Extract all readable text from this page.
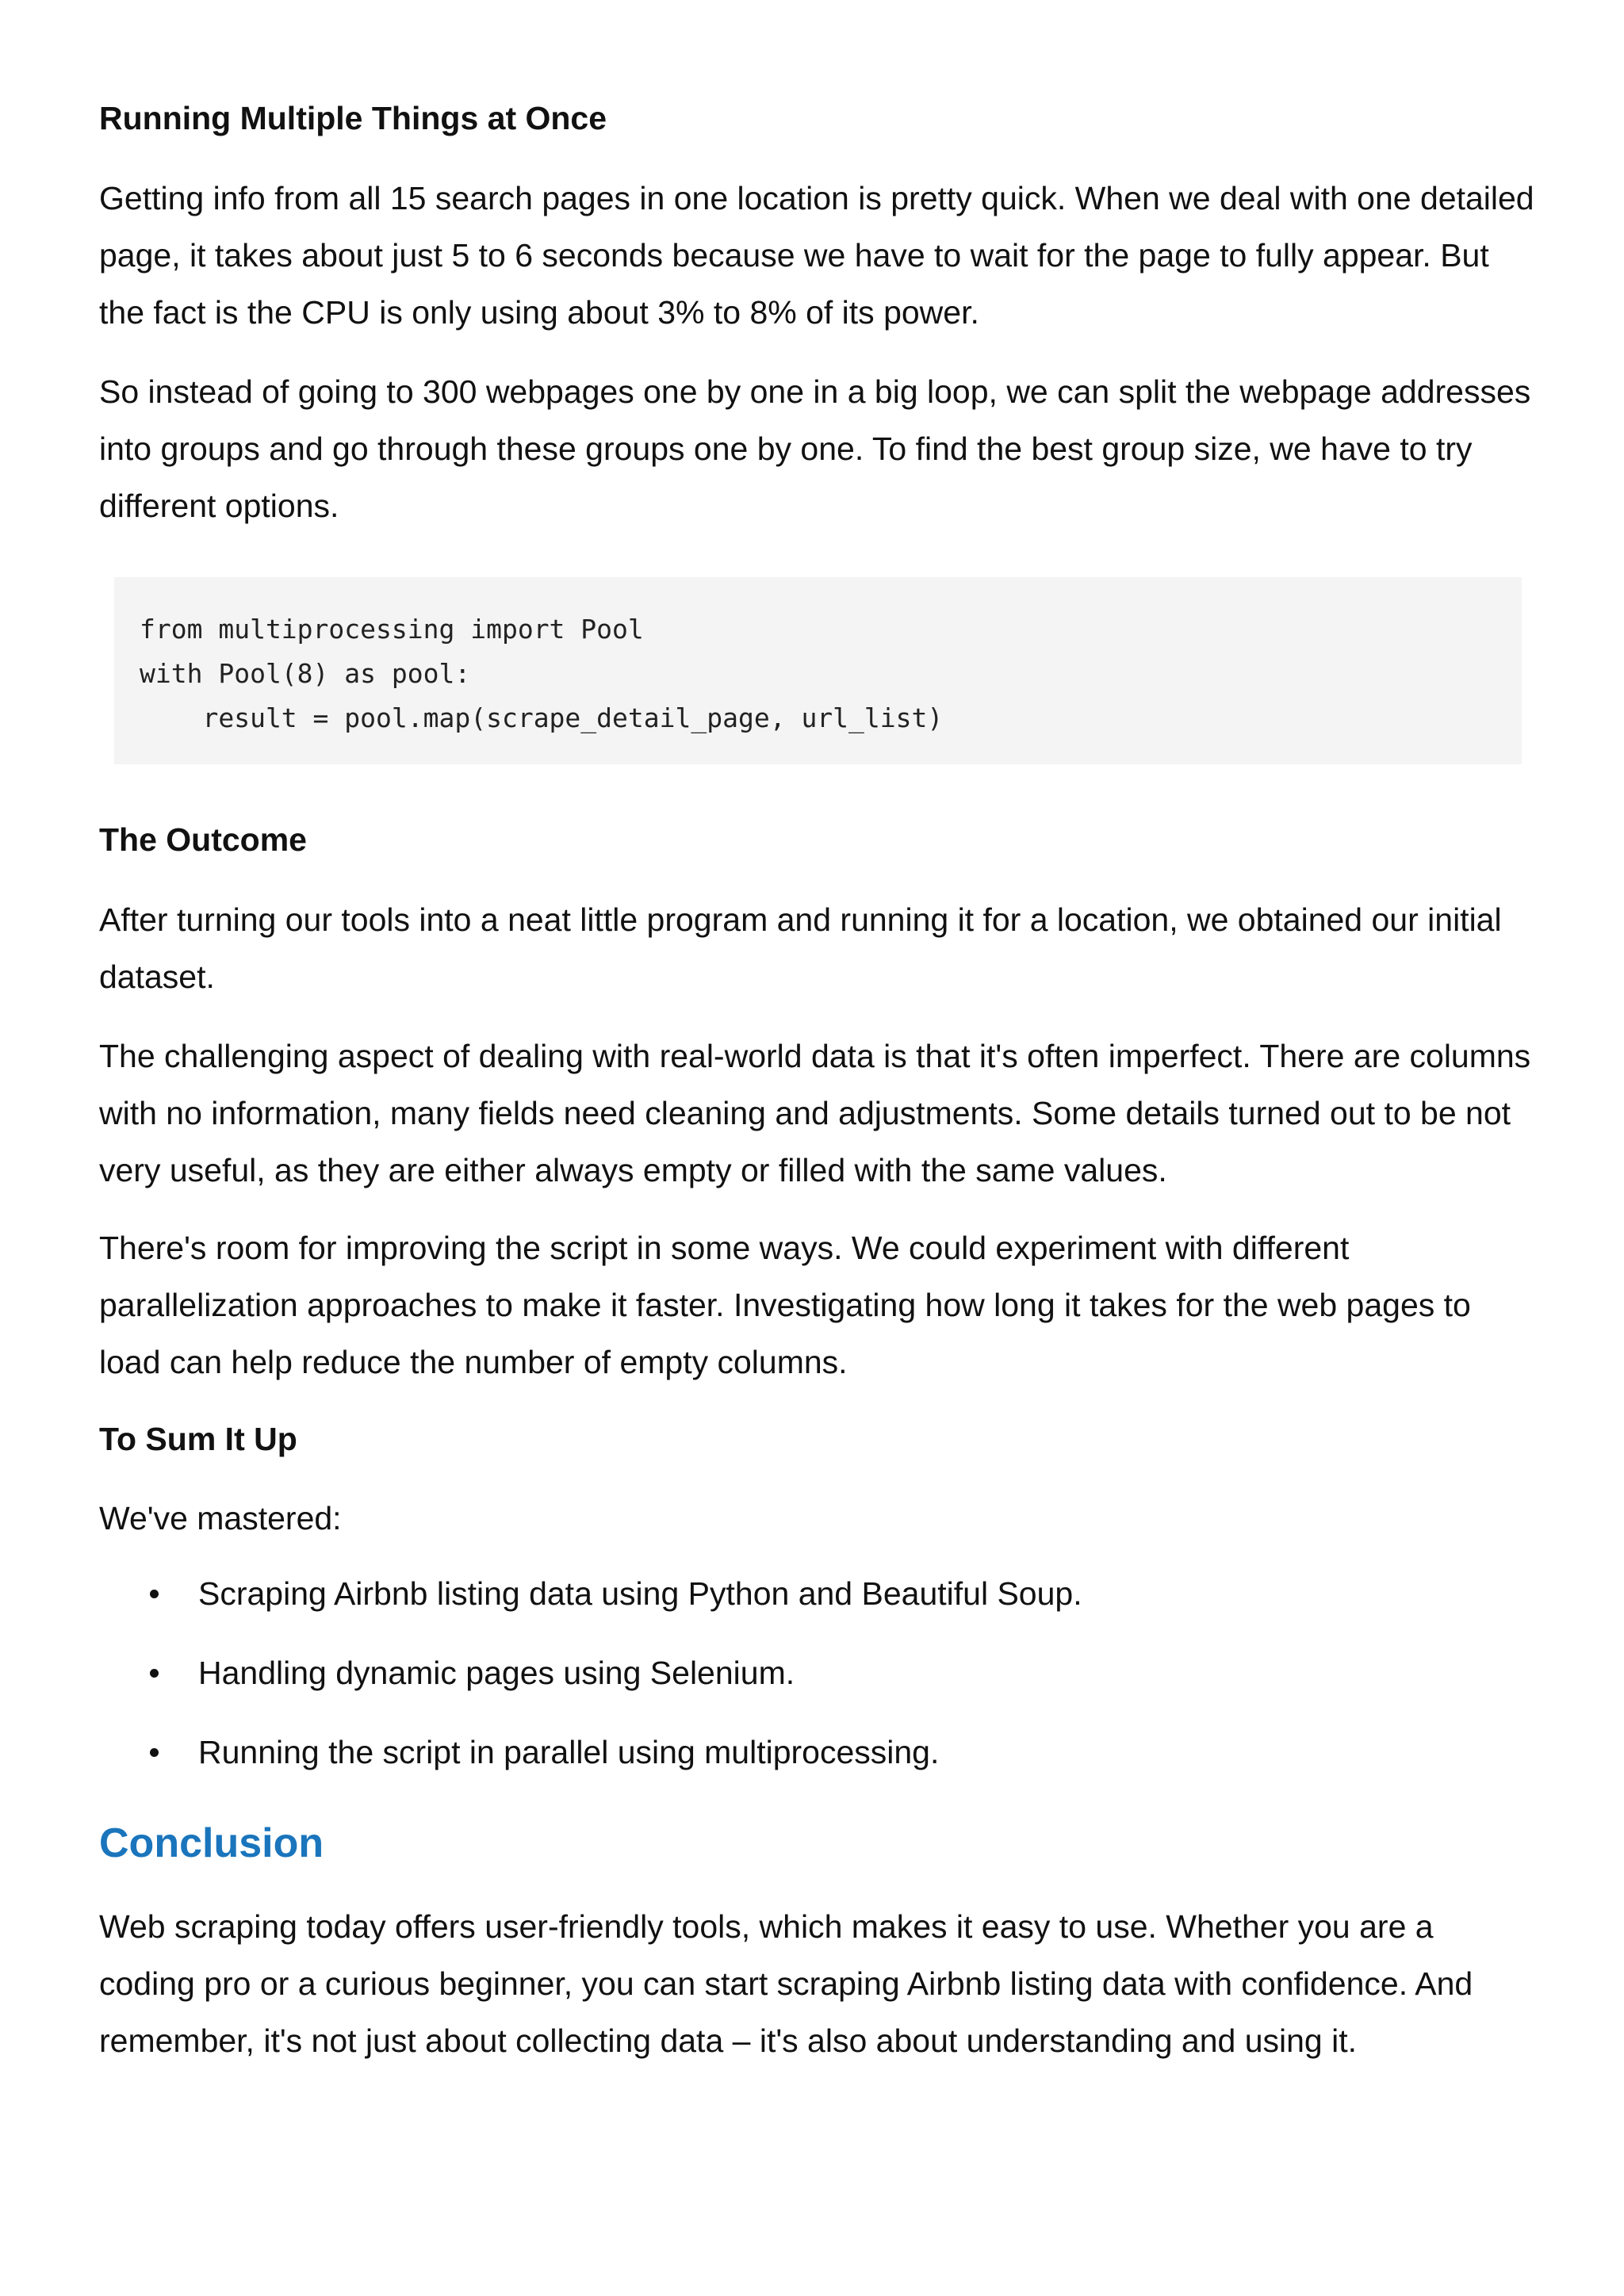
Running Multiple Things at Once
Getting info from all 15 search pages in one location is pretty quick. When we deal with one detailed page, it takes about just 5 to 6 seconds because we have to wait for the page to fully appear. But the fact is the CPU is only using about 3% to 8% of its power.
So instead of going to 300 webpages one by one in a big loop, we can split the webpage addresses into groups and go through these groups one by one. To find the best group size, we have to try different options.
from multiprocessing import Pool
with Pool(8) as pool:
result = pool.map(scrape_detail_page, url_list)
The Outcome
After turning our tools into a neat little program and running it for a location, we obtained our initial dataset.
The challenging aspect of dealing with real-world data is that it's often imperfect. There are columns with no information, many fields need cleaning and adjustments. Some details turned out to be not very useful, as they are either always empty or filled with the same values.
There's room for improving the script in some ways. We could experiment with different parallelization approaches to make it faster. Investigating how long it takes for the web pages to load can help reduce the number of empty columns.
To Sum It Up
We've mastered:
Scraping Airbnb listing data using Python and Beautiful Soup.
Handling dynamic pages using Selenium.
Running the script in parallel using multiprocessing.
Conclusion
Web scraping today offers user-friendly tools, which makes it easy to use. Whether you are a coding pro or a curious beginner, you can start scraping Airbnb listing data with confidence. And remember, it's not just about collecting data – it's also about understanding and using it.
